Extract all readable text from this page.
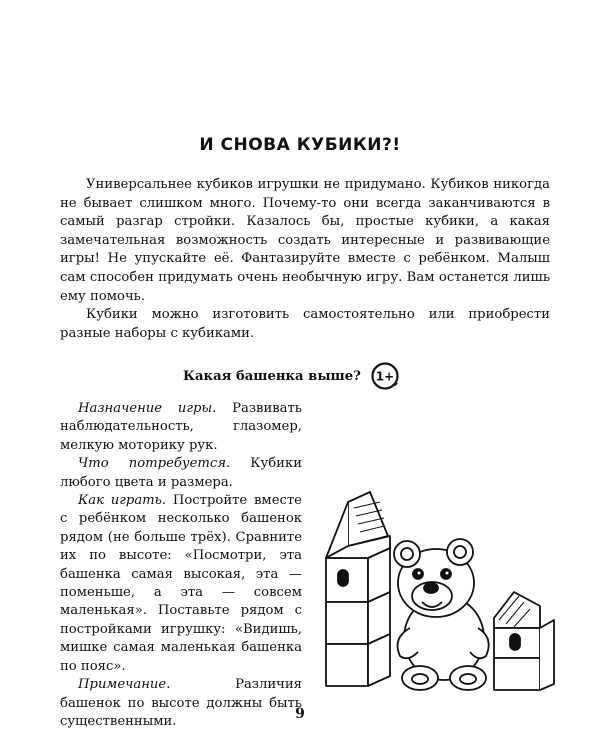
И СНОВА КУБИКИ?!

Универсальнее кубиков игрушки не придумано. Кубиков никогда не бывает слишком много. Почему-то они всегда заканчиваются в самый разгар стройки. Казалось бы, простые кубики, а какая замечательная возможность создать интересные и развивающие игры! Не упускайте её. Фантазируйте вместе с ребёнком. Малыш сам способен придумать очень необычную игру. Вам останется лишь ему помочь.

Кубики можно изготовить самостоятельно или приобрести разные наборы с кубиками.

Какая башенка выше? 1+

Назначение игры. Развивать наблюдательность, глазомер, мелкую моторику рук.

Что потребуется. Кубики любого цвета и размера.

Как играть. Постройте вместе с ребёнком несколько башенок рядом (не больше трёх). Сравните их по высоте: «Посмотри, эта башенка самая высокая, эта — поменьше, а эта — совсем маленькая». Поставьте рядом с постройками игрушку: «Видишь, мишке самая маленькая башенка по пояс».

Примечание. Различия башенок по высоте должны быть существенными.	9
